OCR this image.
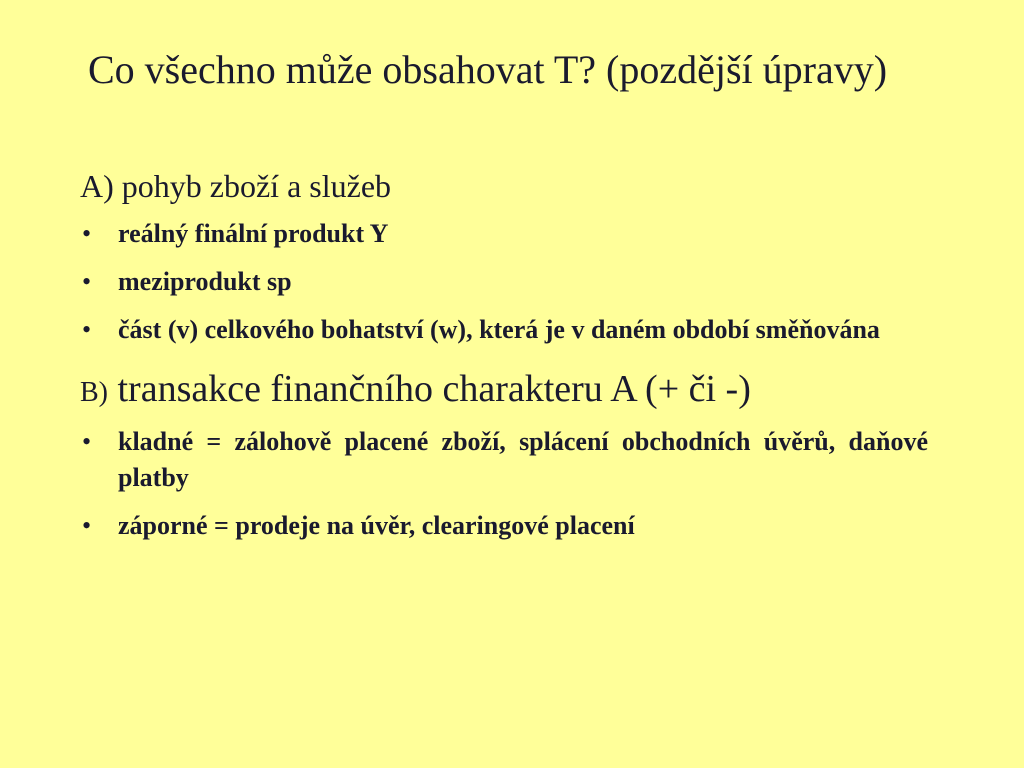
Co všechno může obsahovat T? (pozdější úpravy)
A) pohyb zboží a služeb
• reálný finální produkt Y
• meziprodukt sp
• část (v) celkového bohatství (w), která je v daném období směňována
B) transakce finančního charakteru A (+ či -)
• kladné = zálohově placené zboží, splácení obchodních úvěrů, daňové platby
• záporné = prodeje na úvěr, clearingové placení
